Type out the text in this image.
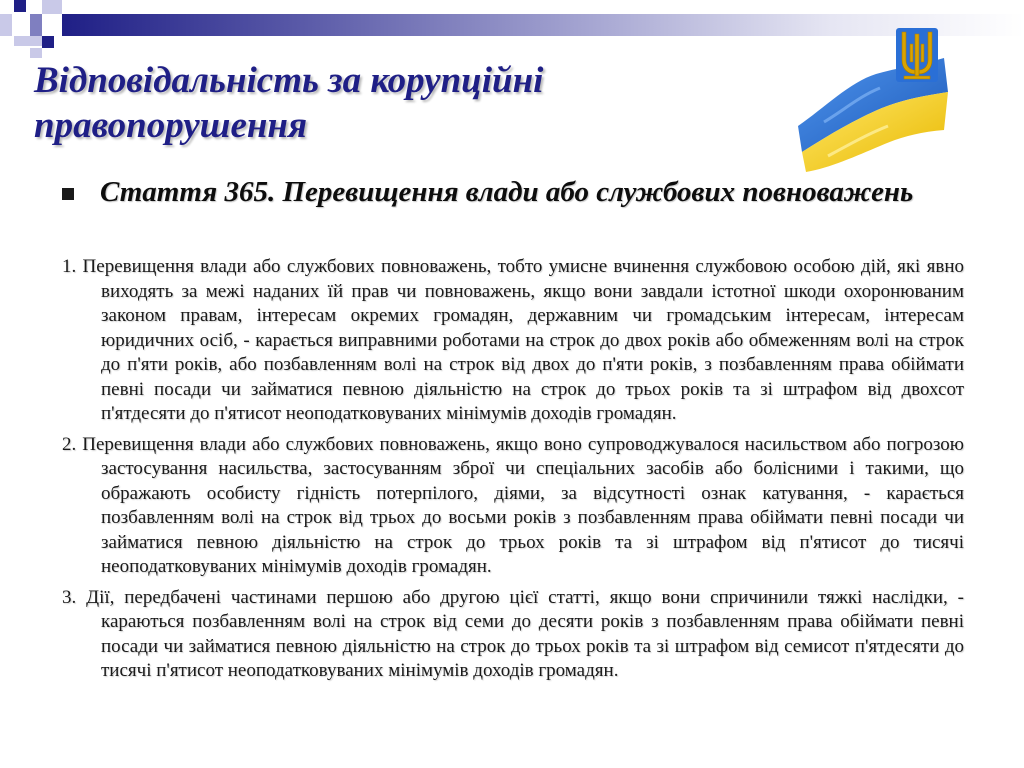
Відповідальність за корупційні правопорушення
Стаття 365. Перевищення влади або службових повноважень

1. Перевищення влади або службових повноважень, тобто умисне вчинення службовою особою дій, які явно виходять за межі наданих їй прав чи повноважень, якщо вони завдали істотної шкоди охоронюваним законом правам, інтересам окремих громадян, державним чи громадським інтересам, інтересам юридичних осіб, - карається виправними роботами на строк до двох років або обмеженням волі на строк до п'яти років, або позбавленням волі на строк від двох до п'яти років, з позбавленням права обіймати певні посади чи займатися певною діяльністю на строк до трьох років та зі штрафом від двохсот п'ятдесяти до п'ятисот неоподатковуваних мінімумів доходів громадян.

2. Перевищення влади або службових повноважень, якщо воно супроводжувалося насильством або погрозою застосування насильства, застосуванням зброї чи спеціальних засобів або болісними і такими, що ображають особисту гідність потерпілого, діями, за відсутності ознак катування, - карається позбавленням волі на строк від трьох до восьми років з позбавленням права обіймати певні посади чи займатися певною діяльністю на строк до трьох років та зі штрафом від п'ятисот до тисячі неоподатковуваних мінімумів доходів громадян.

3. Дії, передбачені частинами першою або другою цієї статті, якщо вони спричинили тяжкі наслідки, - караються позбавленням волі на строк від семи до десяти років з позбавленням права обіймати певні посади чи займатися певною діяльністю на строк до трьох років та зі штрафом від семисот п'ятдесяти до тисячі п'ятисот неоподатковуваних мінімумів доходів громадян.
